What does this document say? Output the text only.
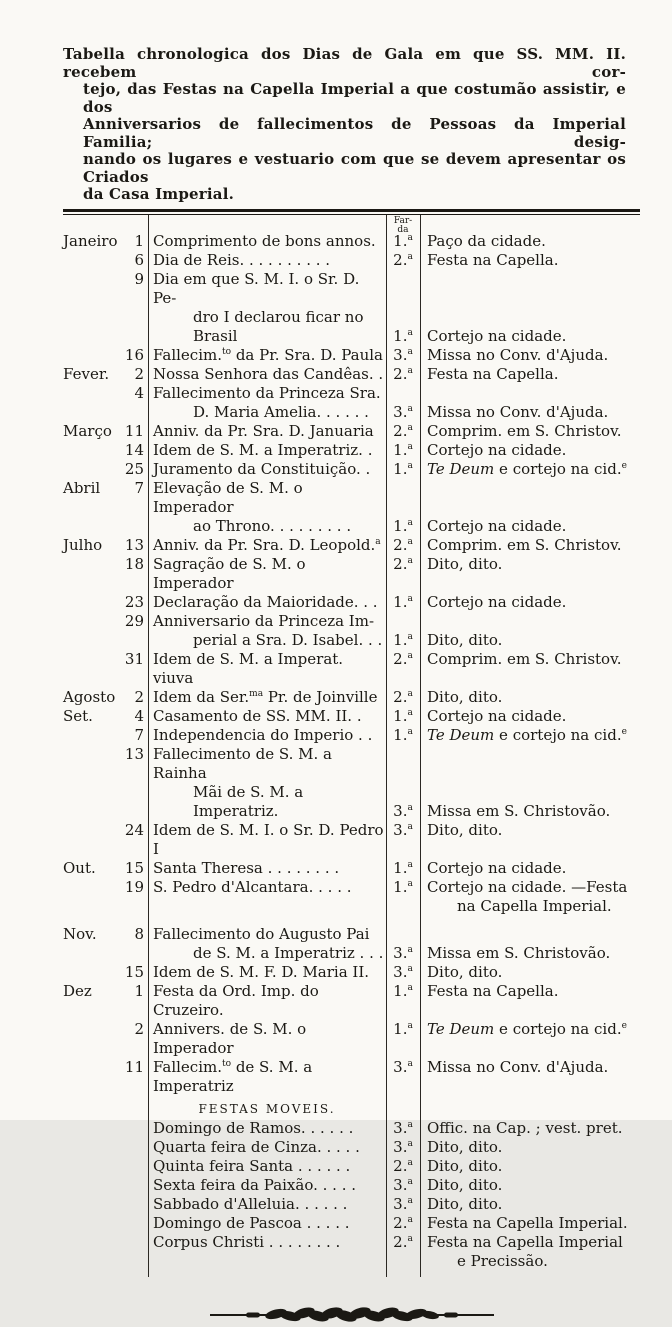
Tabella chronologica dos Dias de Gala em que SS. MM. II. recebem cor-
tejo, das Festas na Capella Imperial a que costumão assistir, e dos
Anniversarios de fallecimentos de Pessoas da Imperial Familia; desig-
nando os lugares e vestuario com que se devem apresentar os Criados
da Casa Imperial.
Far-
da
Janeiro 1 Comprimento de bons annos.	1.$^a$ Paço da cidade.
6 Dia de Reis. . . . . . . . . .	2.$^a$ Festa na Capella.
9 Dia em que S. M. I. o Sr. D. Pe-
dro I declarou ficar no Brasil	1.$^a$ Cortejo na cidade.
16 Fallecim.$^{to}$ da Pr. Sra. D. Paula 3.$^a$ Missa no Conv. d'Ajuda.
Fever. 2 Nossa Senhora das Candêas. . 2.$^a$ Festa na Capella.
4 Fallecimento da Princeza Sra.
D. Maria Amelia. . . . . .	3.$^a$ Missa no Conv. d'Ajuda.
Março 11 Anniv. da Pr. Sra. D. Januaria	2.$^a$ Comprim. em S. Christov.
14 Idem de S. M. a Imperatriz. .	1.$^a$ Cortejo na cidade.
25 Juramento da Constituição. .	1.$^a$ Te Deum e cortejo na cid.$^e$
Abril 7 Elevação de S. M. o Imperador
ao Throno. . . . . . . . .	1.$^a$ Cortejo na cidade.
Julho 13 Anniv. da Pr. Sra. D. Leopold.$^a$ 2.$^a$ Comprim. em S. Christov.
18 Sagração de S. M. o Imperador
2.$^a$ Dito, dito.
23 Declaração da Maioridade. . .	1.$^a$ Cortejo na cidade.
29 Anniversario da Princeza Im-
perial a Sra. D. Isabel. . . 1.$^a$ Dito, dito.
31 Idem de S. M. a Imperat. viuva
2.$^a$ Comprim. em S. Christov.
Agosto 2 Idem da Ser.$^{ma}$ Pr. de Joinville	2.$^a$ Dito, dito.
Set.	4 Casamento de SS. MM. II. .	1.$^a$ Cortejo na cidade.
7 Independencia do Imperio . .	1.$^a$ Te Deum e cortejo na cid.$^e$
13 Fallecimento de S. M. a Rainha
Mãi de S. M. a Imperatriz.	3.$^a$ Missa em S. Christovão.
24 Idem de S. M. I. o Sr. D. Pedro I
3.$^a$ Dito, dito.
Out. 15 Santa Theresa . . . . . . . .	1.$^a$ Cortejo na cidade.
19 S. Pedro d'Alcantara. . . . .	1.$^a$ Cortejo na cidade. —Festa
na Capella Imperial.
Nov.	8 Fallecimento do Augusto Pai
de S. M. a Imperatriz . . . 3.$^a$ Missa em S. Christovão.
15 Idem de S. M. F. D. Maria II.	3.$^a$ Dito, dito.
Dez	1 Festa da Ord. Imp. do Cruzeiro.
1.$^a$ Festa na Capella.
2 Annivers. de S. M. o Imperador
1.$^a$ Te Deum e cortejo na cid.$^e$
11 Fallecim.$^{to}$ de S. M. a Imperatriz
3.$^a$ Missa no Conv. d'Ajuda.
FESTAS MOVEIS.
Domingo de Ramos. . . . . .	3.$^a$ Offic. na Cap. ; vest. pret.
Quarta feira de Cinza. . . . .	3.$^a$ Dito, dito.
Quinta feira Santa . . . . . .	2.$^a$ Dito, dito.
Sexta feira da Paixão. . . . .	3.$^a$ Dito, dito.
Sabbado d'Alleluia. . . . . .	3.$^a$ Dito, dito.
Domingo de Pascoa . . . . .	2.$^a$ Festa na Capella Imperial.
Corpus Christi . . . . . . . .	2.$^a$ Festa na Capella Imperial
e Precissão.
